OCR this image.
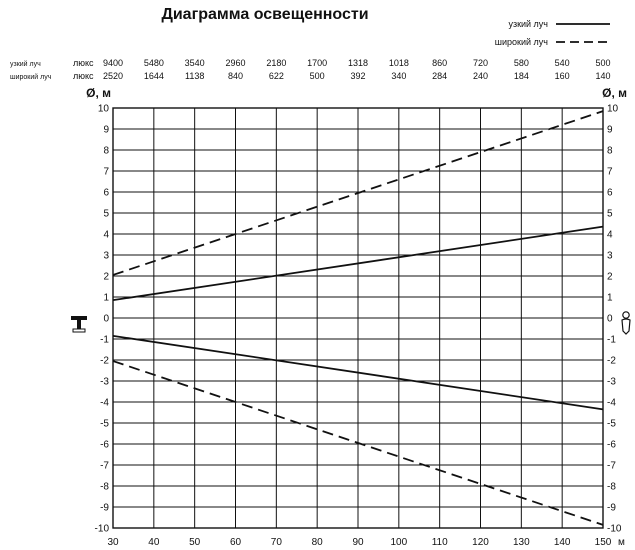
Диаграмма освещенности
узкий луч	люкс 9400 5480 3540 2960 2180 1700 1318 1018	860	720	580	540	500
широкий луч люкс 2520 1644 1138	840	622	500	392	340	284	240	184	160	140
узкий луч
широкий луч
30	40	50	60	70	80	90	100 110 120 130 140 150 м
10	10
9	9
8	8
7	7
6	6
5	5
4	4
3	3
2	2
1	1
0	0
-1	-1
-2	-2
-3	-3
-4	-4
-5	-5
-6	-6
-7	-7
-8	-8
-9	-9
-10	-10
Ø, м	Ø, м
